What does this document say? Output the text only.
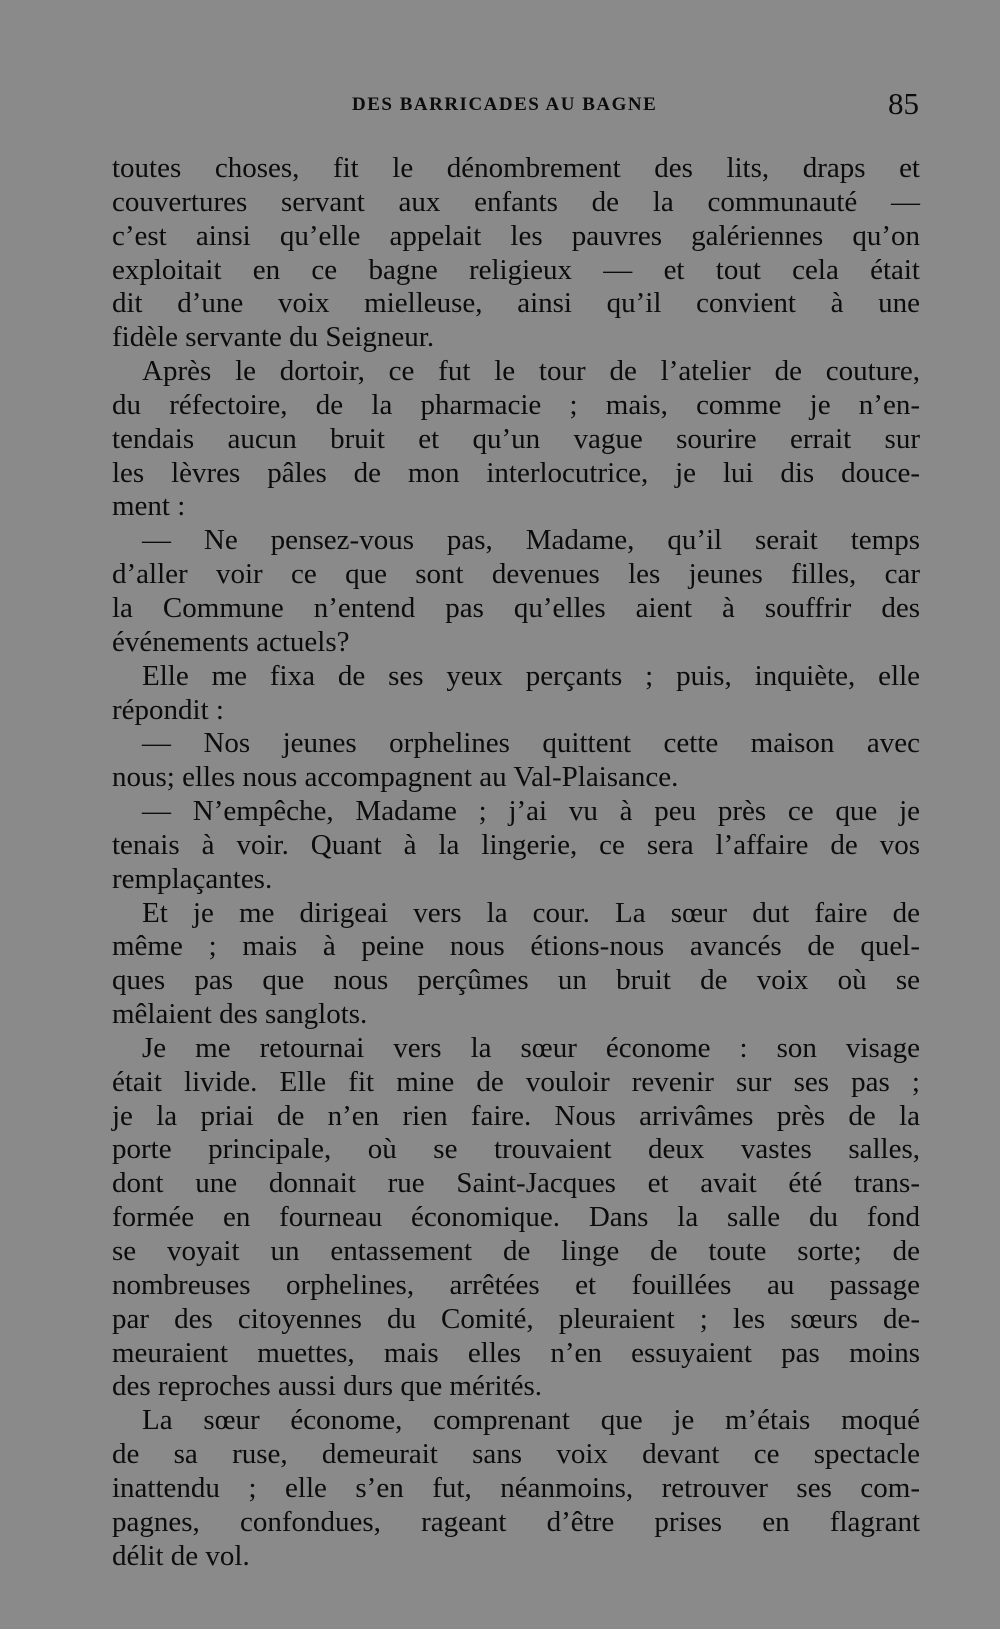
DES BARRICADES AU BAGNE	85
toutes choses, fit le dénombrement des lits, draps et
couvertures servant aux enfants de la communauté —
c’est ainsi qu’elle appelait les pauvres galériennes qu’on
exploitait en ce bagne religieux — et tout cela était
dit d’une voix mielleuse, ainsi qu’il convient à une
fidèle servante du Seigneur.
Après le dortoir, ce fut le tour de l’atelier de couture,
du réfectoire, de la pharmacie ; mais, comme je n’en-
tendais aucun bruit et qu’un vague sourire errait sur
les lèvres pâles de mon interlocutrice, je lui dis douce-
ment :
— Ne pensez-vous pas, Madame, qu’il serait temps
d’aller voir ce que sont devenues les jeunes filles, car
la Commune n’entend pas qu’elles aient à souffrir des
événements actuels?
Elle me fixa de ses yeux perçants ; puis, inquiète, elle
répondit :
— Nos jeunes orphelines quittent cette maison avec
nous; elles nous accompagnent au Val-Plaisance.
— N’empêche, Madame ; j’ai vu à peu près ce que je
tenais à voir. Quant à la lingerie, ce sera l’affaire de vos
remplaçantes.
Et je me dirigeai vers la cour. La sœur dut faire de
même ; mais à peine nous étions-nous avancés de quel-
ques pas que nous perçûmes un bruit de voix où se
mêlaient des sanglots.
Je me retournai vers la sœur économe : son visage
était livide. Elle fit mine de vouloir revenir sur ses pas ;
je la priai de n’en rien faire. Nous arrivâmes près de la
porte principale, où se trouvaient deux vastes salles,
dont une donnait rue Saint-Jacques et avait été trans-
formée en fourneau économique. Dans la salle du fond
se voyait un entassement de linge de toute sorte; de
nombreuses orphelines, arrêtées et fouillées au passage
par des citoyennes du Comité, pleuraient ; les sœurs de-
meuraient muettes, mais elles n’en essuyaient pas moins
des reproches aussi durs que mérités.
La sœur économe, comprenant que je m’étais moqué
de sa ruse, demeurait sans voix devant ce spectacle
inattendu ; elle s’en fut, néanmoins, retrouver ses com-
pagnes, confondues, rageant d’être prises en flagrant
délit de vol.
